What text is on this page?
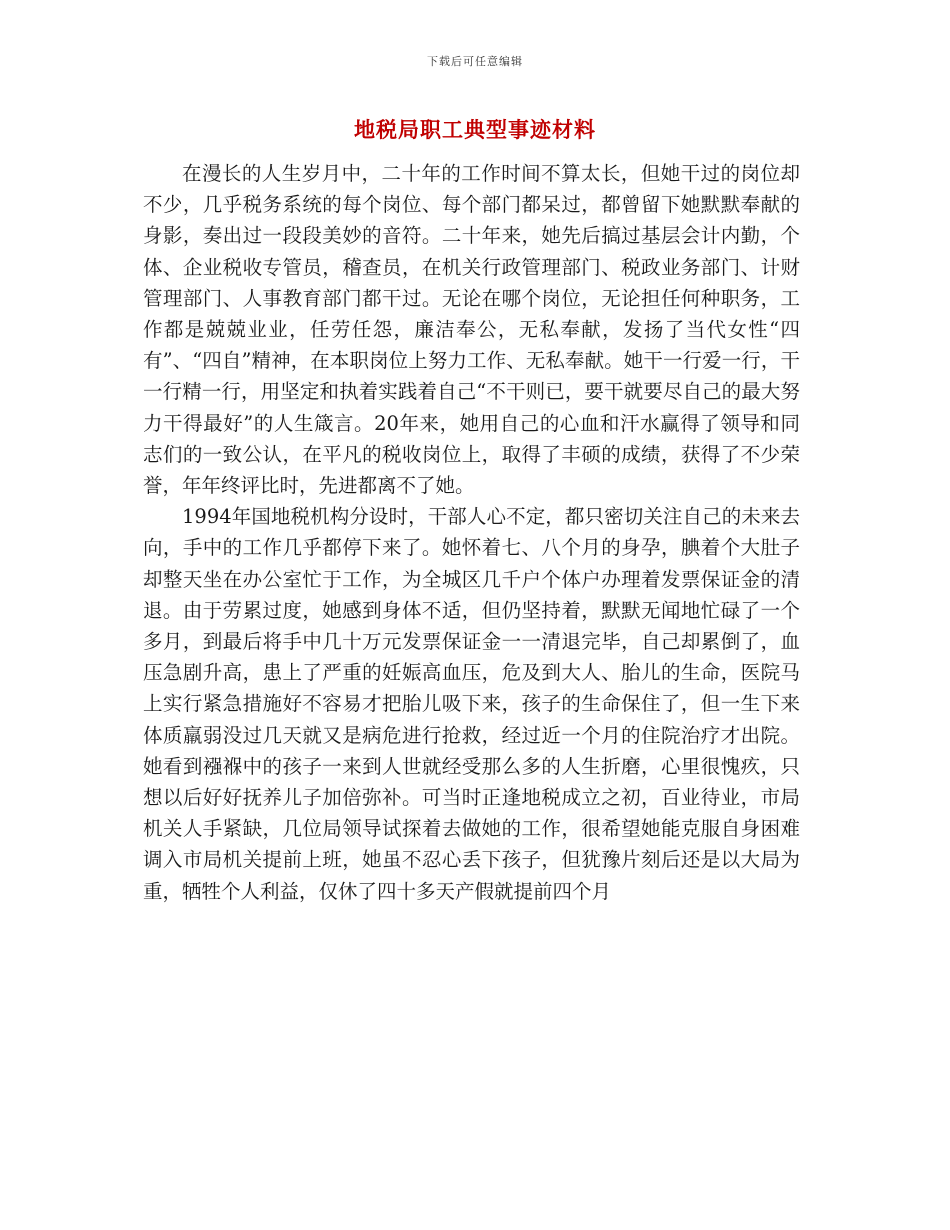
下载后可任意编辑
地税局职工典型事迹材料

在漫长的人生岁月中，二十年的工作时间不算太长，但她干过的岗位却不少，几乎税务系统的每个岗位、每个部门都呆过，都曾留下她默默奉献的身影，奏出过一段段美妙的音符。二十年来，她先后搞过基层会计内勤，个体、企业税收专管员，稽查员，在机关行政管理部门、税政业务部门、计财管理部门、人事教育部门都干过。无论在哪个岗位，无论担任何种职务，工作都是兢兢业业，任劳任怨，廉洁奉公，无私奉献，发扬了当代女性“四有”、“四自”精神，在本职岗位上努力工作、无私奉献。她干一行爱一行，干一行精一行，用坚定和执着实践着自己“不干则已，要干就要尽自己的最大努力干得最好”的人生箴言。20年来，她用自己的心血和汗水赢得了领导和同志们的一致公认，在平凡的税收岗位上，取得了丰硕的成绩，获得了不少荣誉，年年终评比时，先进都离不了她。

1994年国地税机构分设时，干部人心不定，都只密切关注自己的未来去向，手中的工作几乎都停下来了。她怀着七、八个月的身孕，腆着个大肚子却整天坐在办公室忙于工作，为全城区几千户个体户办理着发票保证金的清退。由于劳累过度，她感到身体不适，但仍坚持着，默默无闻地忙碌了一个多月，到最后将手中几十万元发票保证金一一清退完毕，自己却累倒了，血压急剧升高，患上了严重的妊娠高血压，危及到大人、胎儿的生命，医院马上实行紧急措施好不容易才把胎儿吸下来，孩子的生命保住了，但一生下来体质羸弱没过几天就又是病危进行抢救，经过近一个月的住院治疗才出院。她看到襁褓中的孩子一来到人世就经受那么多的人生折磨，心里很愧疚，只想以后好好抚养儿子加倍弥补。可当时正逢地税成立之初，百业待业，市局机关人手紧缺，几位局领导试探着去做她的工作，很希望她能克服自身困难调入市局机关提前上班，她虽不忍心丢下孩子，但犹豫片刻后还是以大局为重，牺牲个人利益，仅休了四十多天产假就提前四个月
